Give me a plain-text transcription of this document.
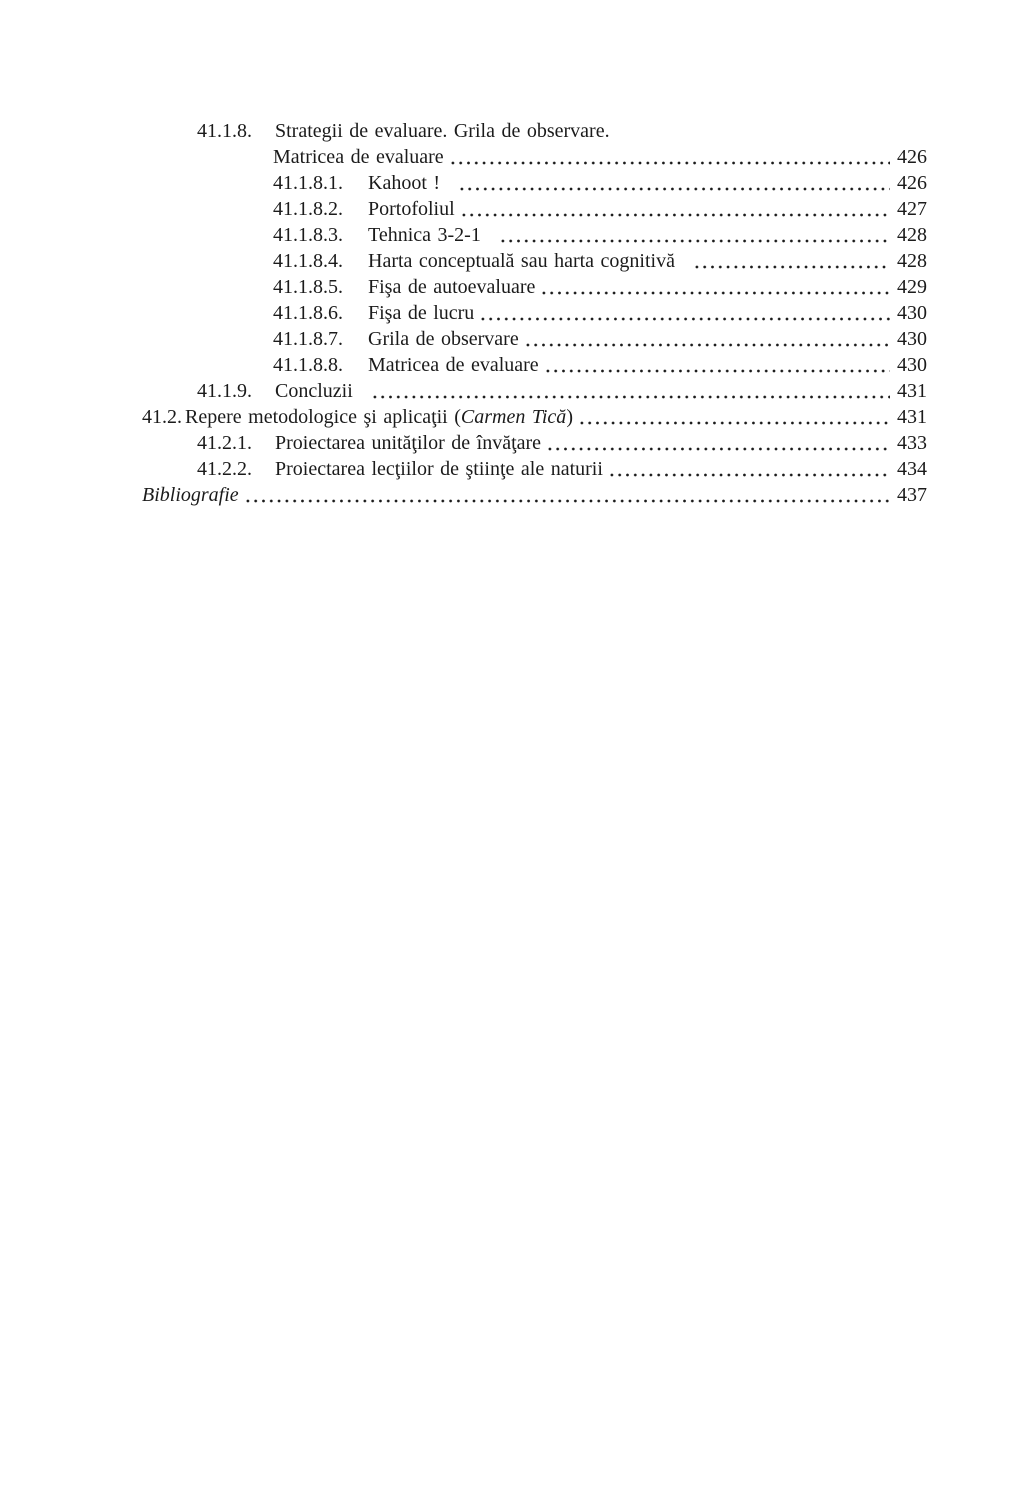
41.1.8.	Strategii de evaluare. Grila de observare.
Matricea de evaluare	426
41.1.8.1.	Kahoot !	426
41.1.8.2.	Portofoliul	427
41.1.8.3.	Tehnica 3-2-1	428
41.1.8.4.	Harta conceptuală sau harta cognitivă	428
41.1.8.5.	Fişa de autoevaluare	429
41.1.8.6.	Fişa de lucru	430
41.1.8.7.	Grila de observare	430
41.1.8.8.	Matricea de evaluare	430
41.1.9.	Concluzii	431
41.2. Repere metodologice şi aplicaţii (Carmen Tică)	431
41.2.1.	Proiectarea unităţilor de învăţare	433
41.2.2.	Proiectarea lecţiilor de ştiinţe ale naturii	434
Bibliografie	437
